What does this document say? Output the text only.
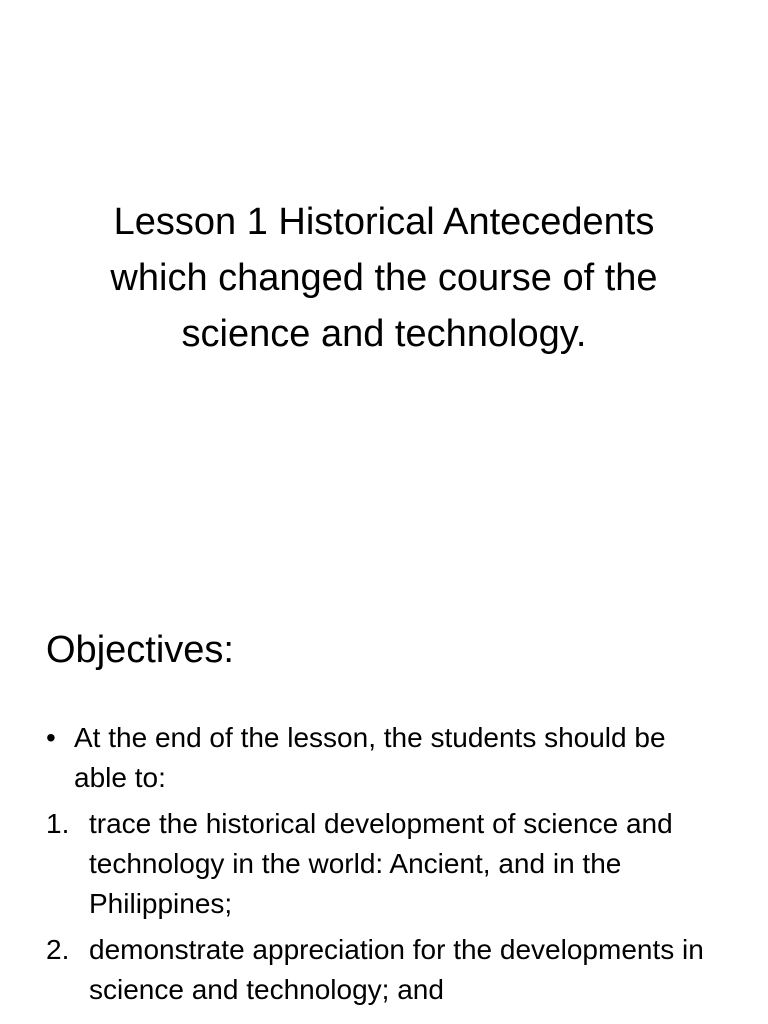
Lesson 1 Historical Antecedents which changed the course of the science and technology.
Objectives:
• At the end of the lesson, the students should be able to:
1. trace the historical development of science and technology in the world: Ancient, and in the Philippines;
2. demonstrate appreciation for the developments in science and technology; and
